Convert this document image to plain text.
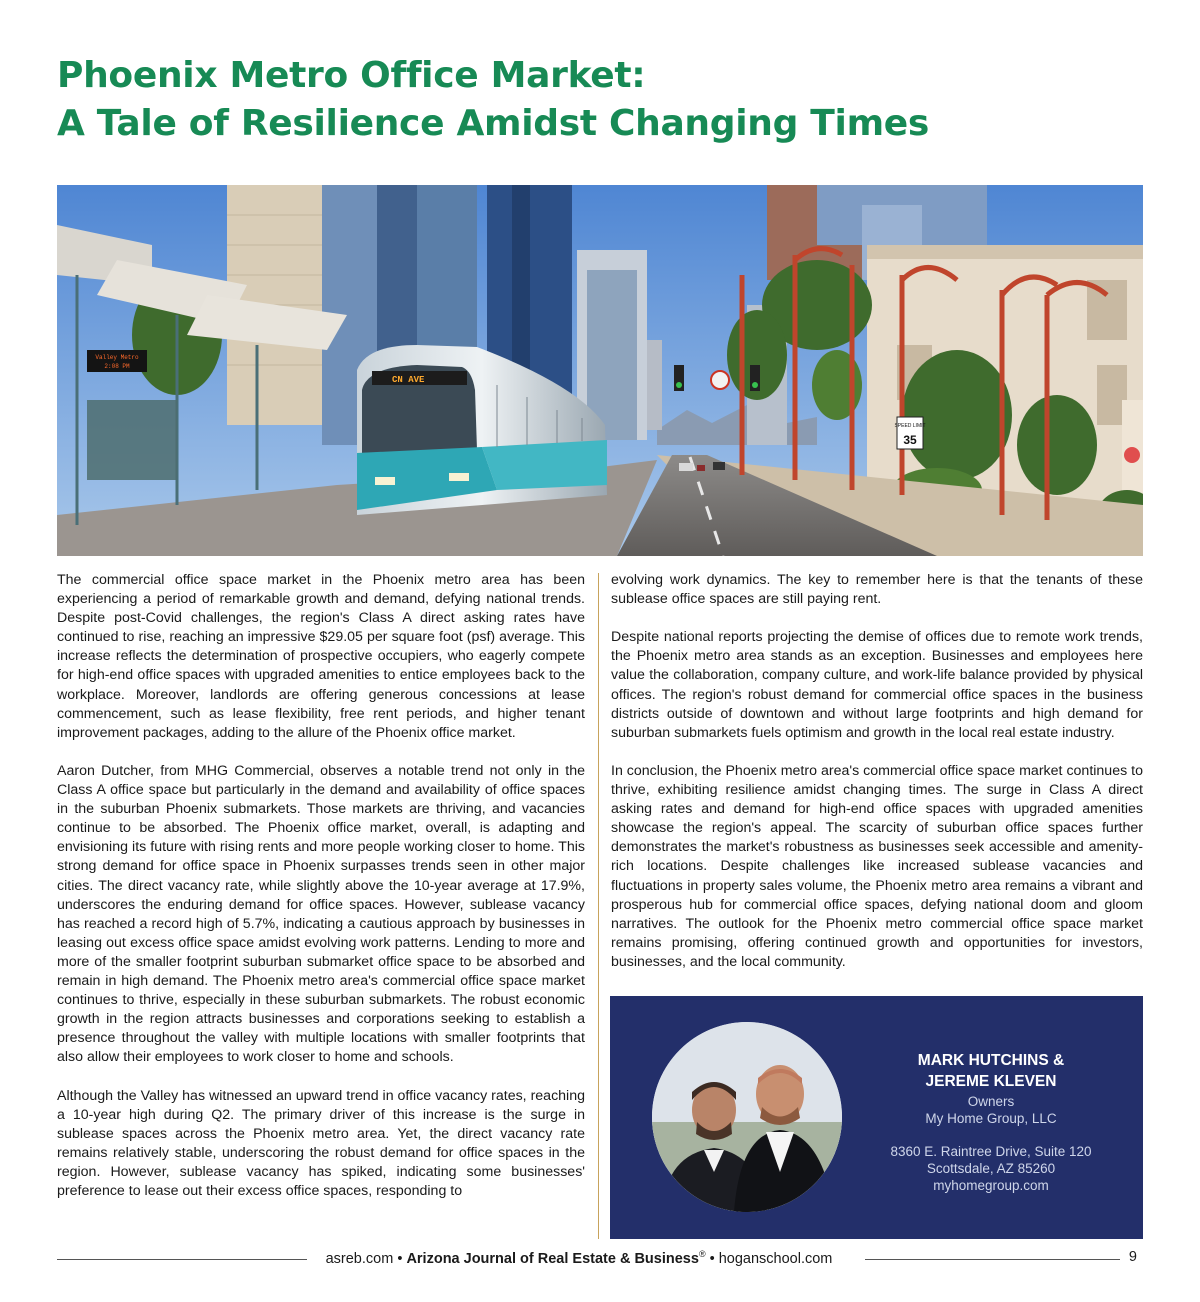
Phoenix Metro Office Market:
A Tale of Resilience Amidst Changing Times
SPEED LIMIT
35
Valley Metro
2:08 PM
CN AVE

The commercial office space market in the Phoenix metro area has been experiencing a period of remarkable growth and demand, defying national trends. Despite post-Covid challenges, the region's Class A direct asking rates have continued to rise, reaching an impressive $29.05 per square foot (psf) average. This increase reflects the determination of prospective occupiers, who eagerly compete for high-end office spaces with upgraded amenities to entice employees back to the workplace. Moreover, landlords are offering generous concessions at lease commencement, such as lease flexibility, free rent periods, and higher tenant improvement packages, adding to the allure of the Phoenix office market.

Aaron Dutcher, from MHG Commercial, observes a notable trend not only in the Class A office space but particularly in the demand and availability of office spaces in the suburban Phoenix submarkets. Those markets are thriving, and vacancies continue to be absorbed. The Phoenix office market, overall, is adapting and envisioning its future with rising rents and more people working closer to home. This strong demand for office space in Phoenix surpasses trends seen in other major cities. The direct vacancy rate, while slightly above the 10-year average at 17.9%, underscores the enduring demand for office spaces. However, sublease vacancy has reached a record high of 5.7%, indicating a cautious approach by businesses in leasing out excess office space amidst evolving work patterns. Lending to more and more of the smaller footprint suburban submarket office space to be absorbed and remain in high demand. The Phoenix metro area's commercial office space market continues to thrive, especially in these suburban submarkets. The robust economic growth in the region attracts businesses and corporations seeking to establish a presence throughout the valley with multiple locations with smaller footprints that also allow their employees to work closer to home and schools.

Although the Valley has witnessed an upward trend in office vacancy rates, reaching a 10-year high during Q2. The primary driver of this increase is the surge in sublease spaces across the Phoenix metro area. Yet, the direct vacancy rate remains relatively stable, underscoring the robust demand for office spaces in the region. However, sublease vacancy has spiked, indicating some businesses' preference to lease out their excess office spaces, responding to

evolving work dynamics. The key to remember here is that the tenants of these sublease office spaces are still paying rent.

Despite national reports projecting the demise of offices due to remote work trends, the Phoenix metro area stands as an exception. Businesses and employees here value the collaboration, company culture, and work-life balance provided by physical offices. The region's robust demand for commercial office spaces in the business districts outside of downtown and without large footprints and high demand for suburban submarkets fuels optimism and growth in the local real estate industry.

In conclusion, the Phoenix metro area's commercial office space market continues to thrive, exhibiting resilience amidst changing times. The surge in Class A direct asking rates and demand for high-end office spaces with upgraded amenities showcase the region's appeal. The scarcity of suburban office spaces further demonstrates the market's robustness as businesses seek accessible and amenity-rich locations. Despite challenges like increased sublease vacancies and fluctuations in property sales volume, the Phoenix metro area remains a vibrant and prosperous hub for commercial office spaces, defying national doom and gloom narratives. The outlook for the Phoenix metro commercial office space market remains promising, offering continued growth and opportunities for investors, businesses, and the local community.

MARK HUTCHINS &
JEREME KLEVEN
Owners
My Home Group, LLC
8360 E. Raintree Drive, Suite 120
Scottsdale, AZ 85260
myhomegroup.com
asreb.com • Arizona Journal of Real Estate & Business® • hoganschool.com	9
